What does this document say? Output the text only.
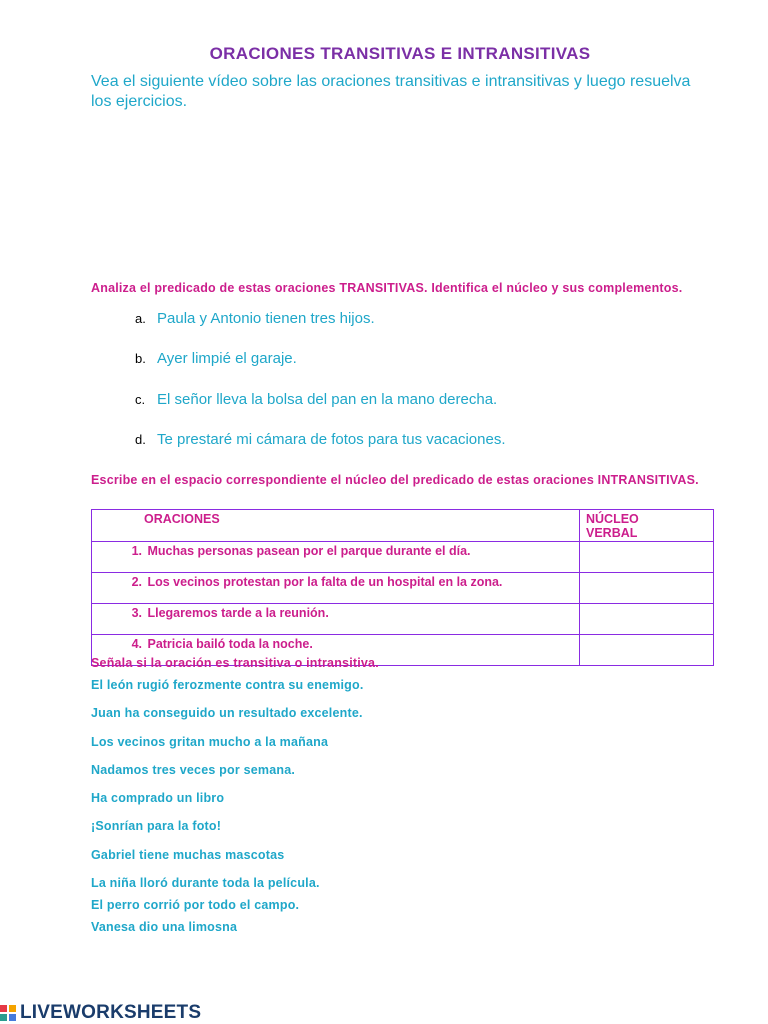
ORACIONES TRANSITIVAS E INTRANSITIVAS
Vea el siguiente vídeo sobre las oraciones transitivas e intransitivas y luego resuelva los ejercicios.
Analiza el predicado de estas oraciones TRANSITIVAS. Identifica el núcleo y sus complementos.
a. Paula y Antonio tienen tres hijos.
b. Ayer limpié el garaje.
c. El señor lleva la bolsa del pan en la mano derecha.
d. Te prestaré mi cámara de fotos para tus vacaciones.
Escribe en el espacio correspondiente el núcleo del predicado de estas oraciones INTRANSITIVAS.
ORACIONES	NÚCLEO VERBAL
1. Muchas personas pasean por el parque durante el día.	
2. Los vecinos protestan por la falta de un hospital en la zona.	
3. Llegaremos tarde a la reunión.	
4. Patricia bailó toda la noche.	
Señala si la oración es transitiva o intransitiva.
El león rugió ferozmente contra su enemigo.
Juan ha conseguido un resultado excelente.
Los vecinos gritan mucho a la mañana
Nadamos tres veces por semana.
Ha comprado un libro
¡Sonrían para la foto!
Gabriel tiene muchas mascotas
La niña lloró durante toda la película.
El perro corrió por todo el campo.
Vanesa dio una limosna
LIVEWORKSHEETS
